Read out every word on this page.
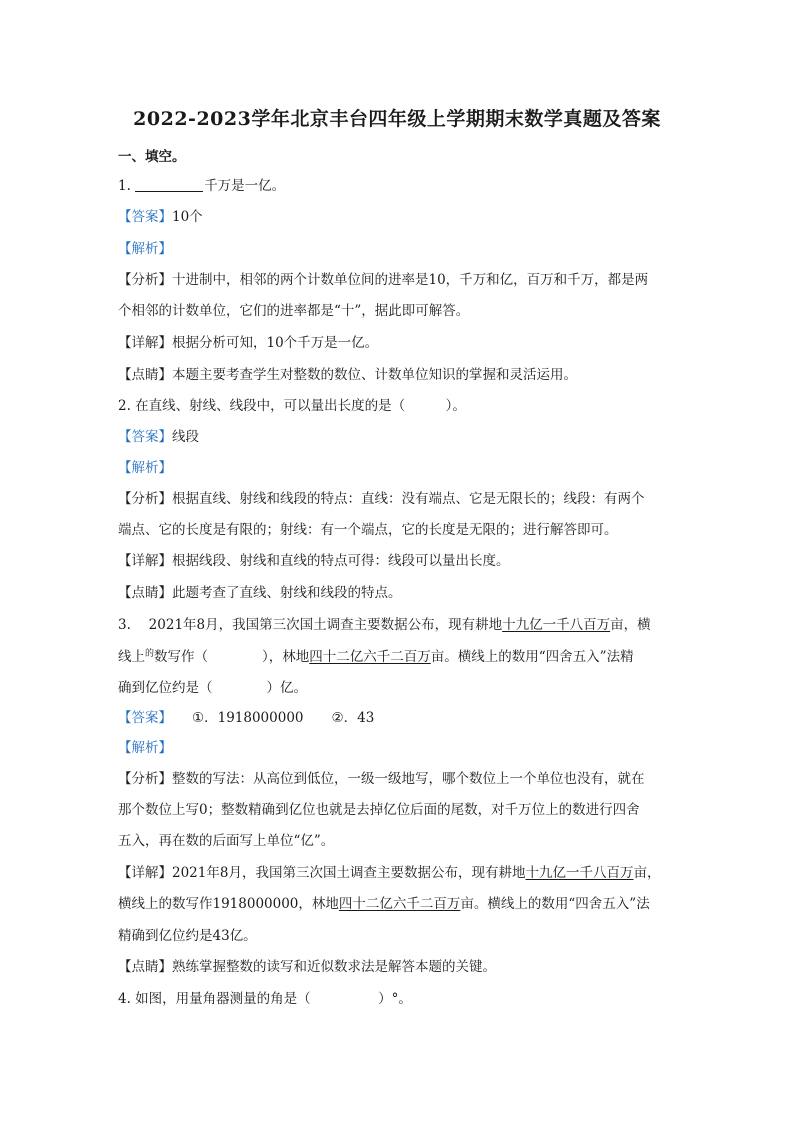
2022-2023学年北京丰台四年级上学期期末数学真题及答案
一、填空。
1.	千万是一亿。
【答案】10个
【解析】
【分析】十进制中，相邻的两个计数单位间的进率是10，千万和亿，百万和千万，都是两
个相邻的计数单位，它们的进率都是“十”，据此即可解答。
【详解】根据分析可知，10个千万是一亿。
【点睛】本题主要考查学生对整数的数位、计数单位知识的掌握和灵活运用。
2. 在直线、射线、线段中，可以量出长度的是（　　　）。
【答案】线段
【解析】
【分析】根据直线、射线和线段的特点：直线：没有端点、它是无限长的；线段：有两个
端点、它的长度是有限的；射线：有一个端点，它的长度是无限的；进行解答即可。
【详解】根据线段、射线和直线的特点可得：线段可以量出长度。
【点睛】此题考查了直线、射线和线段的特点。
3.　 2021年8月，我国第三次国土调查主要数据公布，现有耕地十九亿一千八百万亩，横
线上$^的$数写作（　　　　），林地四十二亿六千二百万亩。横线上的数用“四舍五入”法精
确到亿位约是（　　　　）亿。
【答案】 ①．1918000000 ②．43
【解析】
【分析】整数的写法：从高位到低位，一级一级地写，哪个数位上一个单位也没有，就在
那个数位上写0；整数精确到亿位也就是去掉亿位后面的尾数，对千万位上的数进行四舍
五入，再在数的后面写上单位“亿”。
【详解】2021年8月，我国第三次国土调查主要数据公布，现有耕地十九亿一千八百万亩，
横线上的数写作1918000000，林地四十二亿六千二百万亩。横线上的数用“四舍五入”法
精确到亿位约是43亿。
【点睛】熟练掌握整数的读写和近似数求法是解答本题的关键。
4. 如图，用量角器测量的角是（　　　　　）°。
